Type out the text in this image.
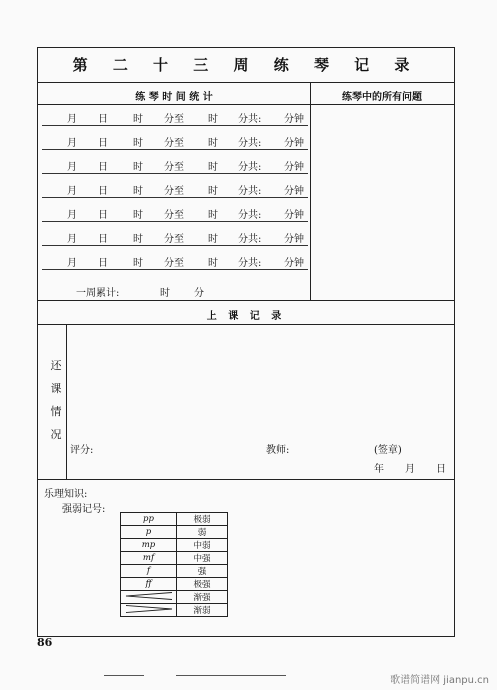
第 二 十 三 周 练 琴 记 录
练 琴 时 间 统 计	练琴中的所有问题
月 日	时 分至 时 分共: 分钟
月 日	时 分至 时 分共: 分钟
月 日	时 分至 时 分共: 分钟
月 日	时 分至 时 分共: 分钟
月 日	时 分至 时 分共: 分钟
月 日	时 分至 时 分共: 分钟
月 日	时 分至 时 分共: 分钟
一周累计:	时 分
上 课 记 录
还
课
情
况
评分:	教师:	(签章)
年 月 日
乐理知识:
强弱记号:
pp	极弱
p	弱
mp	中弱
mf	中强
f	强
ff	极强
	渐强
	渐弱
86
歌谱简谱网 jianpu.cn
